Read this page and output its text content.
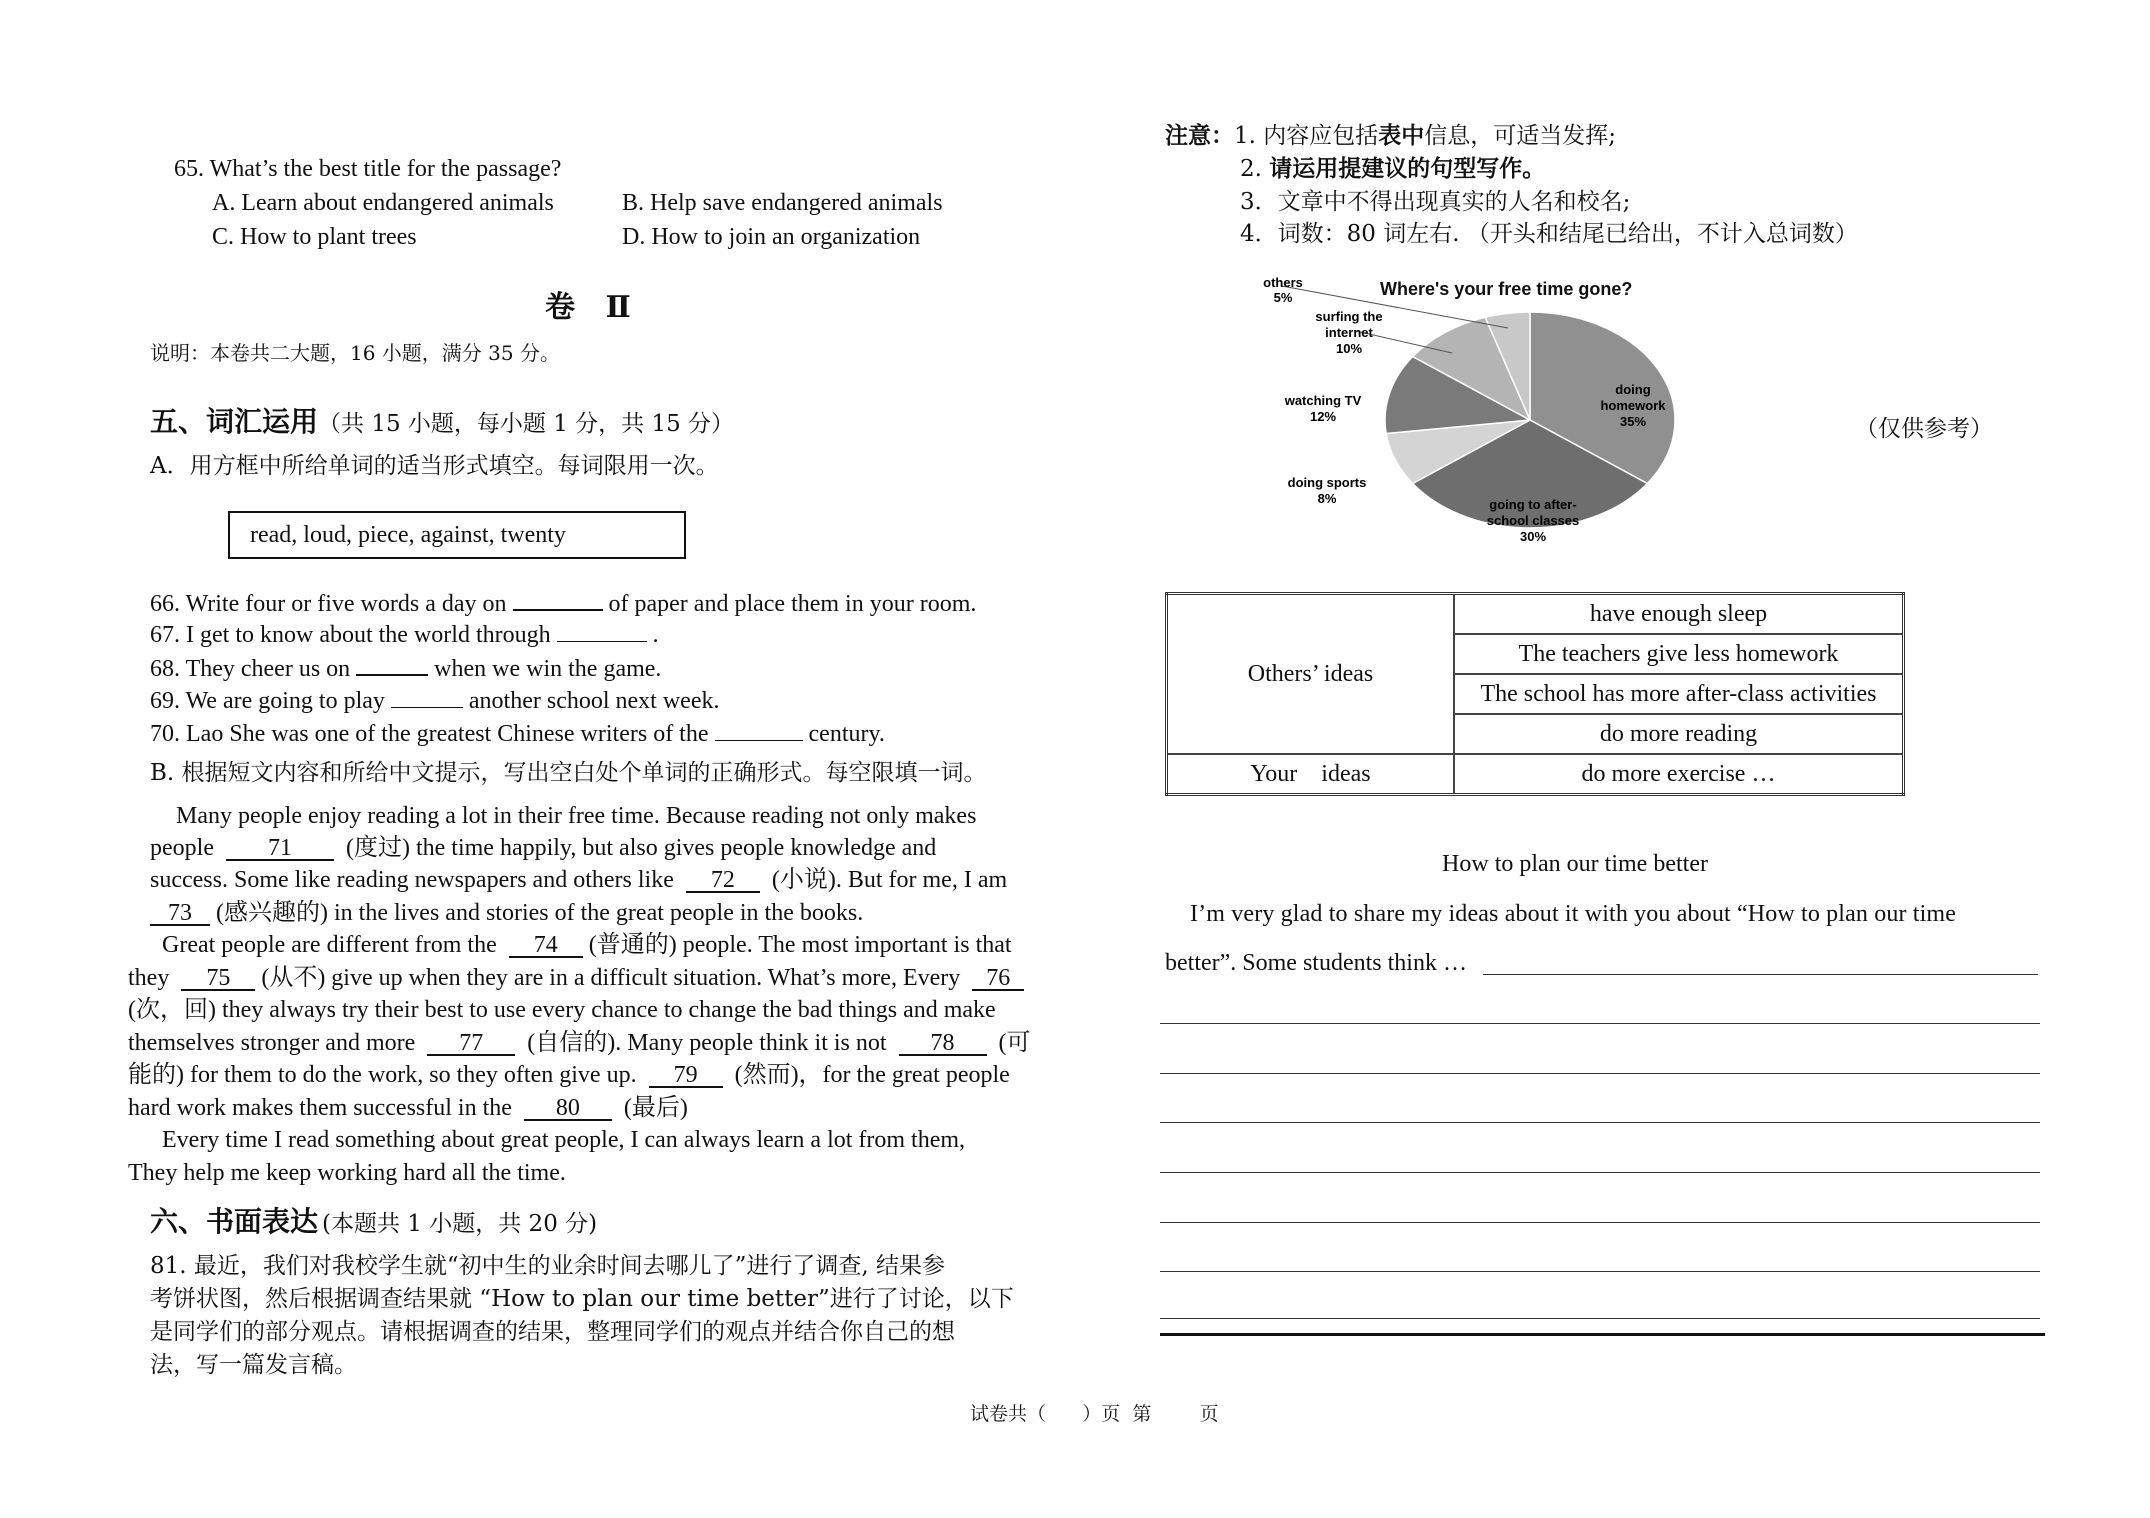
65. What’s the best title for the passage?
A. Learn about endangered animals	B. Help save endangered animals
C. How to plant trees	D. How to join an organization
卷 Ⅱ
说明：本卷共二大题，16 小题，满分 35 分。
五、词汇运用（共 15 小题，每小题 1 分，共 15 分）
A．用方框中所给单词的适当形式填空。每词限用一次。
read, loud, piece, against, twenty
66. Write four or five words a day on	of paper and place them in your room.
67. I get to know about the world through	.
68. They cheer us on	when we win the game.
69. We are going to play	another school next week.
70. Lao She was one of the greatest Chinese writers of the	century.
B. 根据短文内容和所给中文提示，写出空白处个单词的正确形式。每空限填一词。
Many people enjoy reading a lot in their free time. Because reading not only makes
people 71 (度过) the time happily, but also gives people knowledge and
success. Some like reading newspapers and others like 72 (小说). But for me, I am
73 (感兴趣的) in the lives and stories of the great people in the books.
Great people are different from the 74 (普通的) people. The most important is that
they 75 (从不) give up when they are in a difficult situation. What’s more, Every 76
(次，回) they always try their best to use every chance to change the bad things and make
themselves stronger and more 77 (自信的). Many people think it is not 78 (可
能的) for them to do the work, so they often give up. 79 (然而)，for the great people
hard work makes them successful in the 80 (最后)
Every time I read something about great people, I can always learn a lot from them,
They help me keep working hard all the time.
六、书面表达 (本题共 1 小题，共 20 分)
81. 最近，我们对我校学生就“初中生的业余时间去哪儿了”进行了调查, 结果参
考饼状图，然后根据调查结果就 “How to plan our time better”进行了讨论，以下
是同学们的部分观点。请根据调查的结果，整理同学们的观点并结合你自己的想
法，写一篇发言稿。
注意：1. 内容应包括表中信息，可适当发挥;
2. 请运用提建议的句型写作。
3．文章中不得出现真实的人名和校名;
4．词数：80 词左右. （开头和结尾已给出，不计入总词数）
Where's your free time gone?
others
5%
surfing the
internet
10%
watching TV
12%
doing sports
8%
doing
homework
35%
going to after-
school classes
30%
（仅供参考）
Others’ ideas	have enough sleep
	The teachers give less homework
	The school has more after-class activities
	do more reading
Your    ideas	do more exercise …
How to plan our time better
I’m very glad to share my ideas about it with you about “How to plan our time
better”. Some students think …
试卷共（      ）页  第        页
